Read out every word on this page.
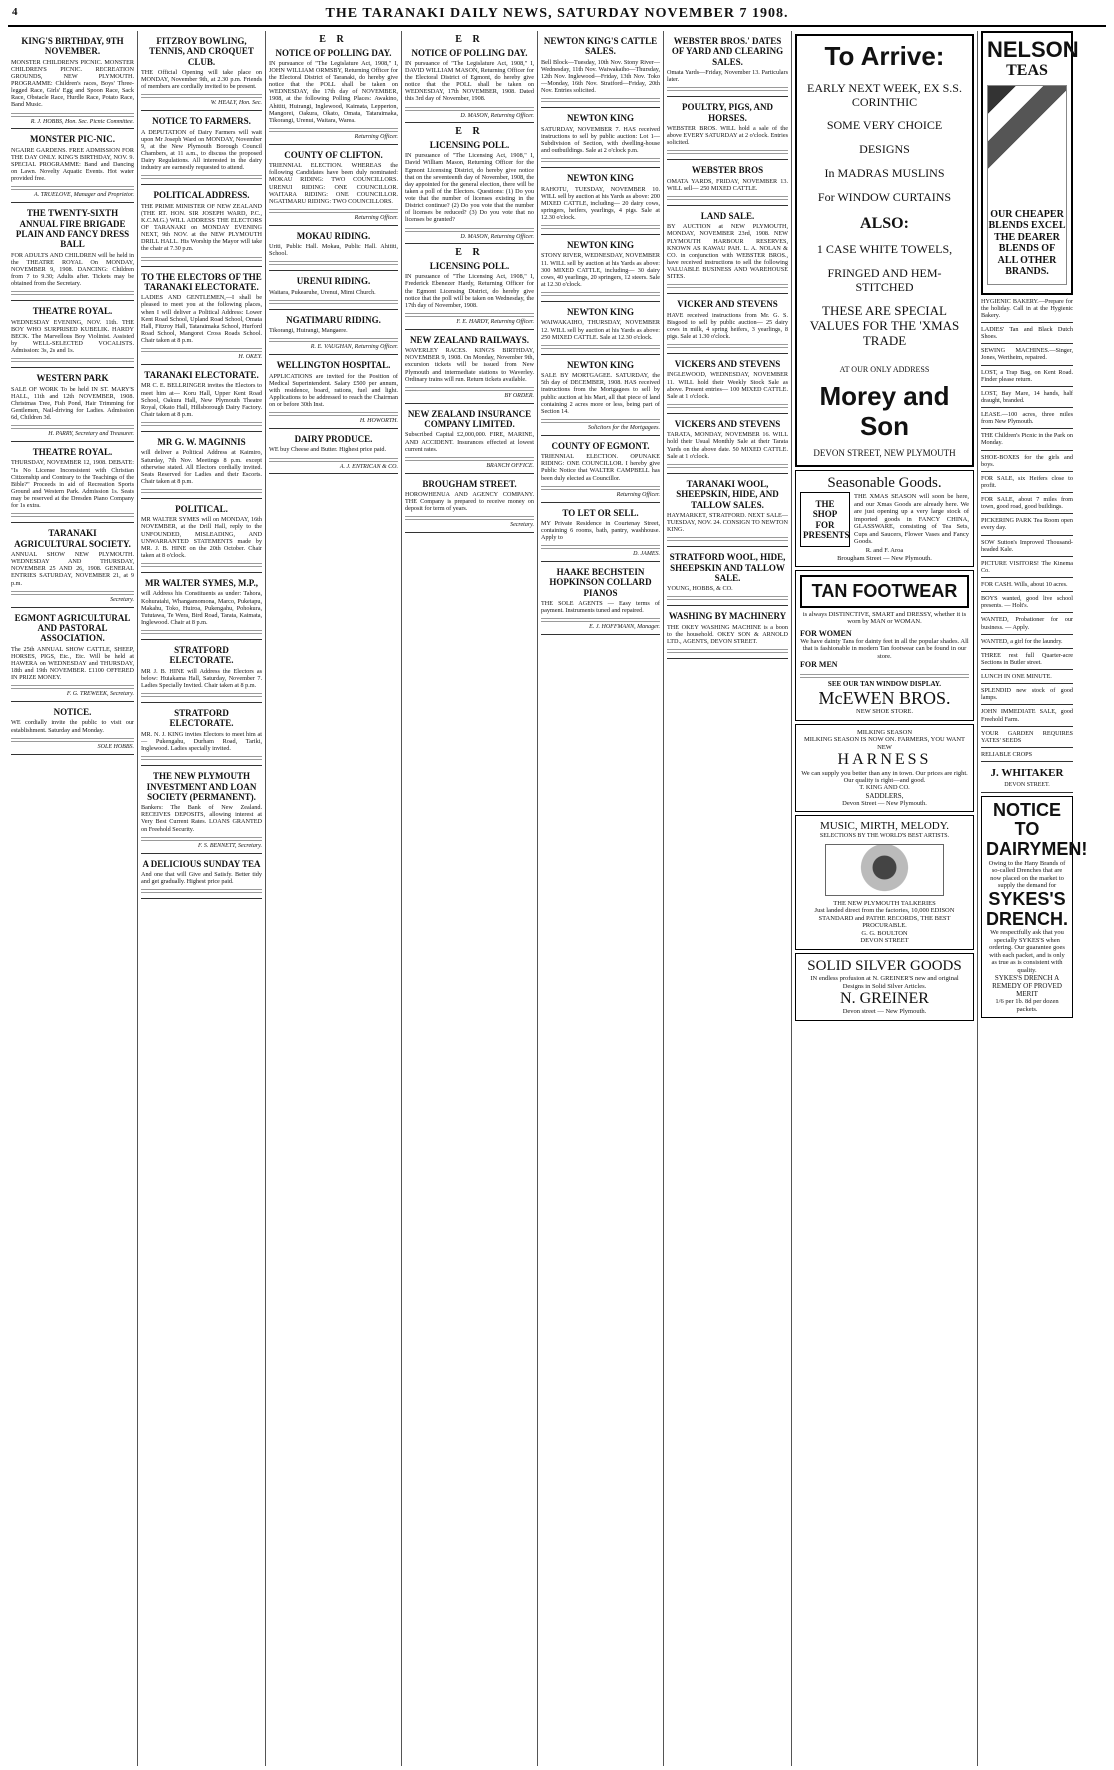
4	THE TARANAKI DAILY NEWS, SATURDAY NOVEMBER 7 1908.
KING'S BIRTHDAY, 9TH NOVEMBER.
MONSTER CHILDREN'S PICNIC. MONSTER CHILDREN'S PICNIC. RECREATION GROUNDS, NEW PLYMOUTH. PROGRAMME: Children's races, Boys' Three-legged Race, Girls' Egg and Spoon Race, Sack Race, Obstacle Race, Hurdle Race, Potato Race, Band Music.
R. J. HOBBS, Hon. Sec. Picnic Committee.
MONSTER PIC-NIC.
NGAIRE GARDENS. FREE ADMISSION FOR THE DAY ONLY. KING'S BIRTHDAY, NOV. 9. SPECIAL PROGRAMME: Band and Dancing on Lawn. Novelty Aquatic Events. Hot water provided free.
A. TRUELOVE, Manager and Proprietor.
THE TWENTY-SIXTH ANNUAL FIRE BRIGADE PLAIN AND FANCY DRESS BALL
FOR ADULTS AND CHILDREN will be held in the THEATRE ROYAL On MONDAY, NOVEMBER 9, 1908. DANCING: Children from 7 to 9.30; Adults after. Tickets may be obtained from the Secretary.
THEATRE ROYAL.
WEDNESDAY EVENING, NOV. 11th. THE BOY WHO SURPRISED KUBELIK. HARDY BECK. The Marvellous Boy Violinist. Assisted by WELL-SELECTED VOCALISTS. Admission: 3s, 2s and 1s.
WESTERN PARK
SALE OF WORK To be held IN ST. MARY'S HALL, 11th and 12th NOVEMBER, 1908. Christmas Tree, Fish Pond, Hair Trimming for Gentlemen, Nail-driving for Ladies. Admission 6d, Children 3d.
H. PARRY, Secretary and Treasurer.
THEATRE ROYAL.
THURSDAY, NOVEMBER 12, 1908. DEBATE: "Is No License Inconsistent with Christian Citizenship and Contrary to the Teachings of the Bible?" Proceeds in aid of Recreation Sports Ground and Western Park. Admission 1s. Seats may be reserved at the Dresden Piano Company for 1s extra.
TARANAKI AGRICULTURAL SOCIETY.
ANNUAL SHOW NEW PLYMOUTH. WEDNESDAY AND THURSDAY, NOVEMBER 25 AND 26, 1908. GENERAL ENTRIES SATURDAY, NOVEMBER 21, at 9 p.m.
Secretary.
EGMONT AGRICULTURAL AND PASTORAL ASSOCIATION.
The 25th ANNUAL SHOW CATTLE, SHEEP, HORSES, PIGS, Etc., Etc. Will be held at HAWERA on WEDNESDAY and THURSDAY, 18th and 19th NOVEMBER. £1100 OFFERED IN PRIZE MONEY.
F. G. TREWEEK, Secretary.
NOTICE.
WE cordially invite the public to visit our establishment. Saturday and Monday.
SOLE HOBBS.
FITZROY BOWLING, TENNIS, AND CROQUET CLUB.
THE Official Opening will take place on MONDAY, November 9th, at 2.30 p.m. Friends of members are cordially invited to be present.
W. HEALY, Hon. Sec.
NOTICE TO FARMERS.
A DEPUTATION of Dairy Farmers will wait upon Mr Joseph Ward on MONDAY, November 9, at the New Plymouth Borough Council Chambers, at 11 a.m., to discuss the proposed Dairy Regulations. All interested in the dairy industry are earnestly requested to attend.
POLITICAL ADDRESS.
THE PRIME MINISTER OF NEW ZEALAND (THE RT. HON. SIR JOSEPH WARD, P.C., K.C.M.G.) WILL ADDRESS THE ELECTORS OF TARANAKI on MONDAY EVENING NEXT, 9th NOV. at the NEW PLYMOUTH DRILL HALL. His Worship the Mayor will take the chair at 7.30 p.m.
TO THE ELECTORS OF THE TARANAKI ELECTORATE.
LADIES AND GENTLEMEN,—I shall be pleased to meet you at the following places, when I will deliver a Political Address: Lower Kent Road School, Upland Road School, Omata Hall, Fitzroy Hall, Tataraimaka School, Hurford Road School, Mangorei Cross Roads School. Chair taken at 8 p.m.
H. OKEY.
TARANAKI ELECTORATE.
MR C. E. BELLRINGER invites the Electors to meet him at— Koru Hall, Upper Kent Road School, Oakura Hall, New Plymouth Theatre Royal, Okato Hall, Hillsborough Dairy Factory. Chair taken at 8 p.m.
MR G. W. MAGINNIS
will deliver a Political Address at Kaimiro, Saturday, 7th Nov. Meetings 8 p.m. except otherwise stated. All Electors cordially invited. Seats Reserved for Ladies and their Escorts. Chair taken at 8 p.m.
POLITICAL.
MR WALTER SYMES will on MONDAY, 16th NOVEMBER, at the Drill Hall, reply to the UNFOUNDED, MISLEADING, AND UNWARRANTED STATEMENTS made by MR. J. B. HINE on the 20th October. Chair taken at 8 o'clock.
MR WALTER SYMES, M.P.,
will Address his Constituents as under: Tahora, Kohuratahi, Whangamomona, Marco, Puketapu, Makahu, Toko, Huiroa, Pukengahu, Pohokura, Tututawa, Te Wera, Bird Road, Tarata, Kaimata, Inglewood. Chair at 8 p.m.
STRATFORD ELECTORATE.
MR J. B. HINE will Address the Electors as below: Huiakama Hall, Saturday, November 7. Ladies Specially Invited. Chair taken at 8 p.m.
STRATFORD ELECTORATE.
MR. N. J. KING invites Electors to meet him at— Pukengahu, Durham Road, Tariki, Inglewood. Ladies specially invited.
THE NEW PLYMOUTH INVESTMENT AND LOAN SOCIETY (PERMANENT).
Bankers: The Bank of New Zealand. RECEIVES DEPOSITS, allowing interest at Very Best Current Rates. LOANS GRANTED on Freehold Security.
F. S. BENNETT, Secretary.
A DELICIOUS SUNDAY TEA
And one that will Give and Satisfy. Better tidy and get gradually. Highest price paid.
E R
NOTICE OF POLLING DAY.
IN pursuance of "The Legislature Act, 1908," I, JOHN WILLIAM ORMSBY, Returning Officer for the Electoral District of Taranaki, do hereby give notice that the POLL shall be taken on WEDNESDAY, the 17th day of NOVEMBER, 1908, at the following Polling Places: Awakino, Ahititi, Huirangi, Inglewood, Kaimata, Lepperton, Mangorei, Oakura, Okato, Omata, Tataraimaka, Tikorangi, Urenui, Waitara, Warea.
Returning Officer.
COUNTY OF CLIFTON.
TRIENNIAL ELECTION. WHEREAS the following Candidates have been duly nominated: MOKAU RIDING: TWO COUNCILLORS. URENUI RIDING: ONE COUNCILLOR. WAITARA RIDING: ONE COUNCILLOR. NGATIMARU RIDING: TWO COUNCILLORS.
Returning Officer.
MOKAU RIDING.
Uriti, Public Hall. Mokau, Public Hall. Ahititi, School.
URENUI RIDING.
Waitara, Pukearuhe, Urenui, Mimi Church.
NGATIMARU RIDING.
Tikorangi, Huirangi, Mangaere.
R. E. VAUGHAN, Returning Officer.
WELLINGTON HOSPITAL.
APPLICATIONS are invited for the Position of Medical Superintendent. Salary £500 per annum, with residence, board, rations, fuel and light. Applications to be addressed to reach the Chairman on or before 30th Inst.
H. HOWORTH.
DAIRY PRODUCE.
WE buy Cheese and Butter. Highest price paid.
A. J. ENTRICAN & CO.
E R
NOTICE OF POLLING DAY.
IN pursuance of "The Legislature Act, 1908," I, DAVID WILLIAM MASON, Returning Officer for the Electoral District of Egmont, do hereby give notice that the POLL shall be taken on WEDNESDAY, 17th NOVEMBER, 1908. Dated this 3rd day of November, 1908.
D. MASON, Returning Officer.
E R
LICENSING POLL.
IN pursuance of "The Licensing Act, 1908," I, David William Mason, Returning Officer for the Egmont Licensing District, do hereby give notice that on the seventeenth day of November, 1908, the day appointed for the general election, there will be taken a poll of the Electors. Questions: (1) Do you vote that the number of licenses existing in the District continue? (2) Do you vote that the number of licenses be reduced? (3) Do you vote that no licenses be granted?
D. MASON, Returning Officer.
E R
LICENSING POLL.
IN pursuance of "The Licensing Act, 1908," I, Frederick Ebenezer Hardy, Returning Officer for the Egmont Licensing District, do hereby give notice that the poll will be taken on Wednesday, the 17th day of November, 1908.
F. E. HARDY, Returning Officer.
NEW ZEALAND RAILWAYS.
WAVERLEY RACES. KING'S BIRTHDAY, NOVEMBER 9, 1908. On Monday, November 9th, excursion tickets will be issued from New Plymouth and intermediate stations to Waverley. Ordinary trains will run. Return tickets available.
BY ORDER.
NEW ZEALAND INSURANCE COMPANY LIMITED.
Subscribed Capital £2,000,000. FIRE, MARINE, AND ACCIDENT. Insurances effected at lowest current rates.
BRANCH OFFICE.
BROUGHAM STREET.
HOROWHENUA AND AGENCY COMPANY. THE Company is prepared to receive money on deposit for term of years.
Secretary.
NEWTON KING'S CATTLE SALES.
Bell Block—Tuesday, 10th Nov. Stony River—Wednesday, 11th Nov. Waiwakaiho—Thursday, 12th Nov. Inglewood—Friday, 13th Nov. Toko—Monday, 16th Nov. Stratford—Friday, 20th Nov. Entries solicited.
NEWTON KING
SATURDAY, NOVEMBER 7. HAS received instructions to sell by public auction: Lot 1—Subdivision of Section, with dwelling-house and outbuildings. Sale at 2 o'clock p.m.
NEWTON KING
RAHOTU, TUESDAY, NOVEMBER 10. WILL sell by auction at his Yards as above: 200 MIXED CATTLE, including— 20 dairy cows, springers, heifers, yearlings, 4 pigs. Sale at 12.30 o'clock.
NEWTON KING
STONY RIVER, WEDNESDAY, NOVEMBER 11. WILL sell by auction at his Yards as above: 300 MIXED CATTLE, including— 30 dairy cows, 40 yearlings, 20 springers, 12 steers. Sale at 12.30 o'clock.
NEWTON KING
WAIWAKAIHO, THURSDAY, NOVEMBER 12. WILL sell by auction at his Yards as above: 250 MIXED CATTLE. Sale at 12.30 o'clock.
NEWTON KING
SALE BY MORTGAGEE. SATURDAY, the 5th day of DECEMBER, 1908. HAS received instructions from the Mortgagees to sell by public auction at his Mart, all that piece of land containing 2 acres more or less, being part of Section 14.
Solicitors for the Mortgagees.
COUNTY OF EGMONT.
TRIENNIAL ELECTION. OPUNAKE RIDING: ONE COUNCILLOR. I hereby give Public Notice that WALTER CAMPBELL has been duly elected as Councillor.
Returning Officer.
TO LET OR SELL.
MY Private Residence in Courtenay Street, containing 6 rooms, bath, pantry, washhouse. Apply to
D. JAMES.
HAAKE BECHSTEIN HOPKINSON COLLARD PIANOS
THE SOLE AGENTS — Easy terms of payment. Instruments tuned and repaired.
E. J. HOFFMANN, Manager.
WEBSTER BROS.' DATES OF YARD AND CLEARING SALES.
Omata Yards—Friday, November 13. Particulars later.
POULTRY, PIGS, AND HORSES.
WEBSTER BROS. WILL hold a sale of the above EVERY SATURDAY at 2 o'clock. Entries solicited.
WEBSTER BROS
OMATA YARDS, FRIDAY, NOVEMBER 13. WILL sell— 250 MIXED CATTLE.
LAND SALE.
BY AUCTION at NEW PLYMOUTH, MONDAY, NOVEMBER 23rd, 1908. NEW PLYMOUTH HARBOUR RESERVES, KNOWN AS KAWAU PAH. L. A. NOLAN & CO. in conjunction with WEBSTER BROS., have received instructions to sell the following VALUABLE BUSINESS AND WAREHOUSE SITES.
VICKER AND STEVENS
HAVE received instructions from Mr. G. S. Bisgood to sell by public auction— 25 dairy cows in milk, 4 spring heifers, 3 yearlings, 8 pigs. Sale at 1.30 o'clock.
VICKERS AND STEVENS
INGLEWOOD, WEDNESDAY, NOVEMBER 11. WILL hold their Weekly Stock Sale as above. Present entries— 100 MIXED CATTLE. Sale at 1 o'clock.
VICKERS AND STEVENS
TARATA, MONDAY, NOVEMBER 16. WILL hold their Usual Monthly Sale at their Tarata Yards on the above date. 50 MIXED CATTLE. Sale at 1 o'clock.
TARANAKI WOOL, SHEEPSKIN, HIDE, AND TALLOW SALES.
HAYMARKET, STRATFORD. NEXT SALE—TUESDAY, NOV. 24. CONSIGN TO NEWTON KING.
STRATFORD WOOL, HIDE, SHEEPSKIN AND TALLOW SALE.
YOUNG, HOBBS, & CO.
WASHING BY MACHINERY
THE OKEY WASHING MACHINE is a boon to the household. OKEY SON & ARNOLD LTD., AGENTS, DEVON STREET.
To Arrive:
EARLY NEXT WEEK, EX S.S. CORINTHIC
SOME VERY CHOICE
DESIGNS
In MADRAS MUSLINS
For WINDOW CURTAINS
ALSO:
1 CASE WHITE TOWELS,
FRINGED AND HEM-STITCHED
THESE ARE SPECIAL VALUES FOR THE 'XMAS TRADE
AT OUR ONLY ADDRESS
Morey and Son
DEVON STREET, NEW PLYMOUTH
Seasonable Goods.
THE SHOP FOR PRESENTS
THE XMAS SEASON will soon be here, and our Xmas Goods are already here. We are just opening up a very large stock of imported goods in FANCY CHINA, GLASSWARE, consisting of Tea Sets, Cups and Saucers, Flower Vases and Fancy Goods.
R. and F. Aroa
Brougham Street — New Plymouth.
TAN FOOTWEAR
is always DISTINCTIVE, SMART and DRESSY, whether it is worn by MAN or WOMAN.
FOR WOMEN
We have dainty Tans for dainty feet in all the popular shades. All that is fashionable in modern Tan footwear can be found in our store.
FOR MEN
SEE OUR TAN WINDOW DISPLAY.
McEWEN BROS.
NEW SHOE STORE.
MILKING SEASON
MILKING SEASON IS NOW ON. FARMERS, YOU WANT NEW
HARNESS
We can supply you better than any in town. Our prices are right. Our quality is right—and good.
T. KING AND CO.
SADDLERS,
Devon Street — New Plymouth.
MUSIC, MIRTH, MELODY.
SELECTIONS BY THE WORLD'S BEST ARTISTS.
THE NEW PLYMOUTH TALKERIES
Just landed direct from the factories, 10,000 EDISON STANDARD and PATHE RECORDS, THE BEST PROCURABLE.
G. G. BOULTON
DEVON STREET
SOLID SILVER GOODS
IN endless profusion at N. GREINER'S new and original Designs in Solid Silver Articles.
N. GREINER
Devon street — New Plymouth.
NELSON
TEAS
OUR CHEAPER BLENDS EXCEL THE DEARER BLENDS OF ALL OTHER BRANDS.
HYGIENIC BAKERY.—Prepare for the holiday. Call in at the Hygienic Bakery.
LADIES' Tan and Black Dutch Shoes.
SEWING MACHINES.—Singer, Jones, Wertheim, repaired.
LOST, a Trap Bag, on Kent Road. Finder please return.
LOST, Bay Mare, 14 hands, half draught, branded.
LEASE.—100 acres, three miles from New Plymouth.
THE Children's Picnic in the Park on Monday.
SHOE-BOXES for the girls and boys.
FOR SALE, six Heifers close to profit.
FOR SALE, about 7 miles from town, good road, good buildings.
PICKERING PARK Tea Room open every day.
SOW Sutton's Improved Thousand-headed Kale.
PICTURE VISITORS! The Kinema Co.
FOR CASH. Wills, about 10 acres.
BOYS wanted, good live school presents. — Holt's.
WANTED, Probationer for our business. — Apply.
WANTED, a girl for the laundry.
THREE rest full Quarter-acre Sections in Butler street.
LUNCH IN ONE MINUTE.
SPLENDID new stock of good lamps.
JOHN IMMEDIATE SALE, good Freehold Farm.
YOUR GARDEN REQUIRES YATES' SEEDS
RELIABLE CROPS
J. WHITAKER
DEVON STREET.
NOTICE TO DAIRYMEN!
Owing to the Hany Brands of so-called Drenches that are now placed on the market to supply the demand for
SYKES'S DRENCH.
We respectfully ask that you specially SYKES'S when ordering. Our guarantee goes with each packet, and is only as true as is consistent with quality.
SYKES'S DRENCH A REMEDY OF PROVED MERIT
1/6 per 1b. 8d per dozen packets.
